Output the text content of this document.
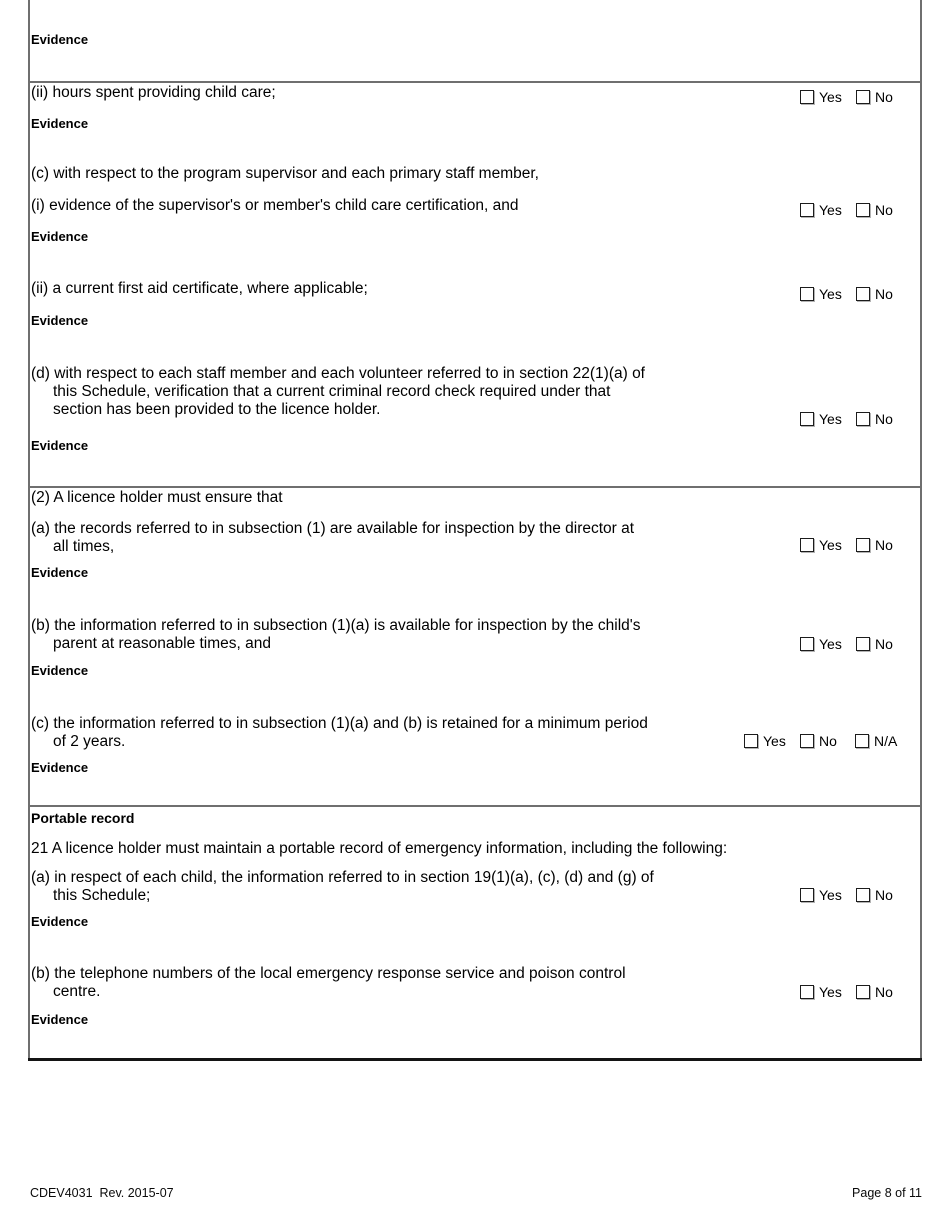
Evidence
(ii) hours spent providing child care;	Yes No
Evidence
(c) with respect to the program supervisor and each primary staff member,
(i) evidence of the supervisor's or member's child care certification, and	Yes No
Evidence
(ii) a current first aid certificate, where applicable;	Yes No
Evidence
(d) with respect to each staff member and each volunteer referred to in section 22(1)(a) of
this Schedule, verification that a current criminal record check required under that
section has been provided to the licence holder.
Yes No
Evidence
(2) A licence holder must ensure that
(a) the records referred to in subsection (1) are available for inspection by the director at
all times,	Yes No
Evidence
(b) the information referred to in subsection (1)(a) is available for inspection by the child's
parent at reasonable times, and	Yes No
Evidence
(c) the information referred to in subsection (1)(a) and (b) is retained for a minimum period
of 2 years.	Yes No	N/A
Evidence
Portable record
21 A licence holder must maintain a portable record of emergency information, including the following:
(a) in respect of each child, the information referred to in section 19(1)(a), (c), (d) and (g) of
this Schedule;	Yes No
Evidence
(b) the telephone numbers of the local emergency response service and poison control
centre.	Yes No
Evidence
CDEV4031  Rev. 2015-07	Page 8 of 11
